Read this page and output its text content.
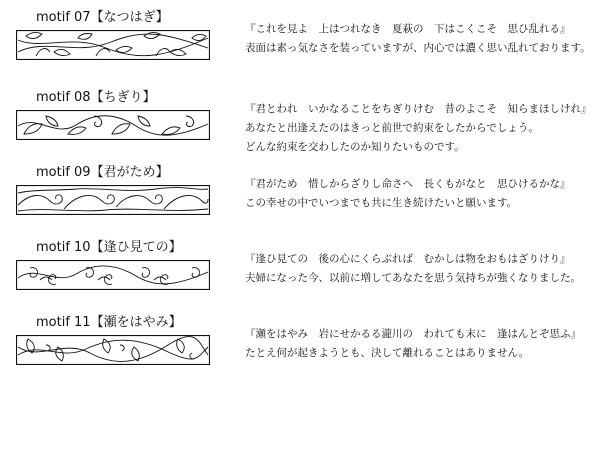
motif 07【なつはぎ】
『これを見よ　上はつれなき　夏萩の　下はこくこそ　思ひ乱れる』
表面は素っ気なさを装っていますが、内心では濃く思い乱れております。
motif 08【ちぎり】
『君とわれ　いかなることをちぎりけむ　昔のよこそ　知らまほしけれ』
あなたと出逢えたのはきっと前世で約束をしたからでしょう。
どんな約束を交わしたのか知りたいものです。
motif 09【君がため】
『君がため　惜しからざりし命さへ　長くもがなと　思ひけるかな』
この幸せの中でいつまでも共に生き続けたいと願います。
motif 10【逢ひ見ての】
『逢ひ見ての　後の心にくらぶれば　むかしは物をおもはざりけり』
夫婦になった今、以前に増してあなたを思う気持ちが強くなりました。
motif 11【瀬をはやみ】
『瀬をはやみ　岩にせかるる瀧川の　われても末に　逢はんとぞ思ふ』
たとえ何が起きようとも、決して離れることはありません。
